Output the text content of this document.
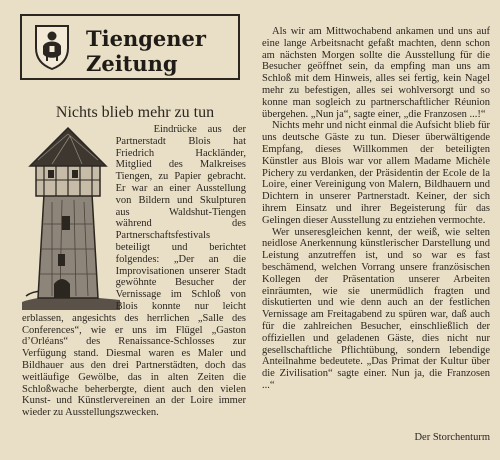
Tiengener
Zeitung
Nichts blieb mehr zu tun

Eindrücke aus der Partnerstadt Blois hat Friedrich Hackländer, Mitglied des Malkreises Tiengen, zu Papier gebracht. Er war an einer Ausstellung von Bildern und Skulpturen aus Waldshut-Tiengen während des Partnerschaftsfestivals beteiligt und berichtet folgendes: „Der an die Improvisationen unserer Stadt gewöhnte Besucher der Vernissage im Schloß von Blois konnte nur leicht erblassen, angesichts des herrlichen „Salle des Conferences“, wie er uns im Flügel „Gaston d’Orléans“ des Renaissance-Schlosses zur Verfügung stand. Diesmal waren es Maler und Bildhauer aus den drei Partnerstädten, doch das weitläufige Gewölbe, das in alten Zeiten die Schloßwache beherbergte, dient auch den vielen Kunst- und Künstlervereinen an der Loire immer wieder zu Ausstellungszwecken.

Als wir am Mittwochabend ankamen und uns auf eine lange Arbeitsnacht gefaßt machten, denn schon am nächsten Morgen sollte die Ausstellung für die Besucher geöffnet sein, da empfing man uns am Schloß mit dem Hinweis, alles sei fertig, kein Nagel mehr zu befestigen, alles sei wohlversorgt und so konne man sogleich zu partnerschaftlicher Réunion übergehen. „Nun ja“, sagte einer, „die Franzosen ...!“

Nichts mehr und nicht einmal die Aufsicht blieb für uns deutsche Gäste zu tun. Dieser überwältigende Empfang, dieses Willkommen der beteiligten Künstler aus Blois war vor allem Madame Michèle Pichery zu verdanken, der Präsidentin der Ecole de la Loire, einer Vereinigung von Malern, Bildhauern und Dichtern in unserer Partnerstadt. Keiner, der sich ihrem Einsatz und ihrer Begeisterung für das Gelingen dieser Ausstellung zu entziehen vermochte.

Wer unseresgleichen kennt, der weiß, wie selten neidlose Anerkennung künstlerischer Darstellung und Leistung anzutreffen ist, und so war es fast beschämend, welchen Vorrang unsere französischen Kollegen der Präsentation unserer Arbeiten einräumten, wie sie unermüdlich fragten und diskutierten und wie denn auch an der festlichen Vernissage am Freitagabend zu spüren war, daß auch für die zahlreichen Besucher, einschließlich der offiziellen und geladenen Gäste, dies nicht nur gesellschaftliche Pflichtübung, sondern lebendige Anteilnahme bedeutete. „Das Primat der Kultur über die Zivilisation“ sagte einer. Nun ja, die Franzosen ...“

Der Storchenturm
